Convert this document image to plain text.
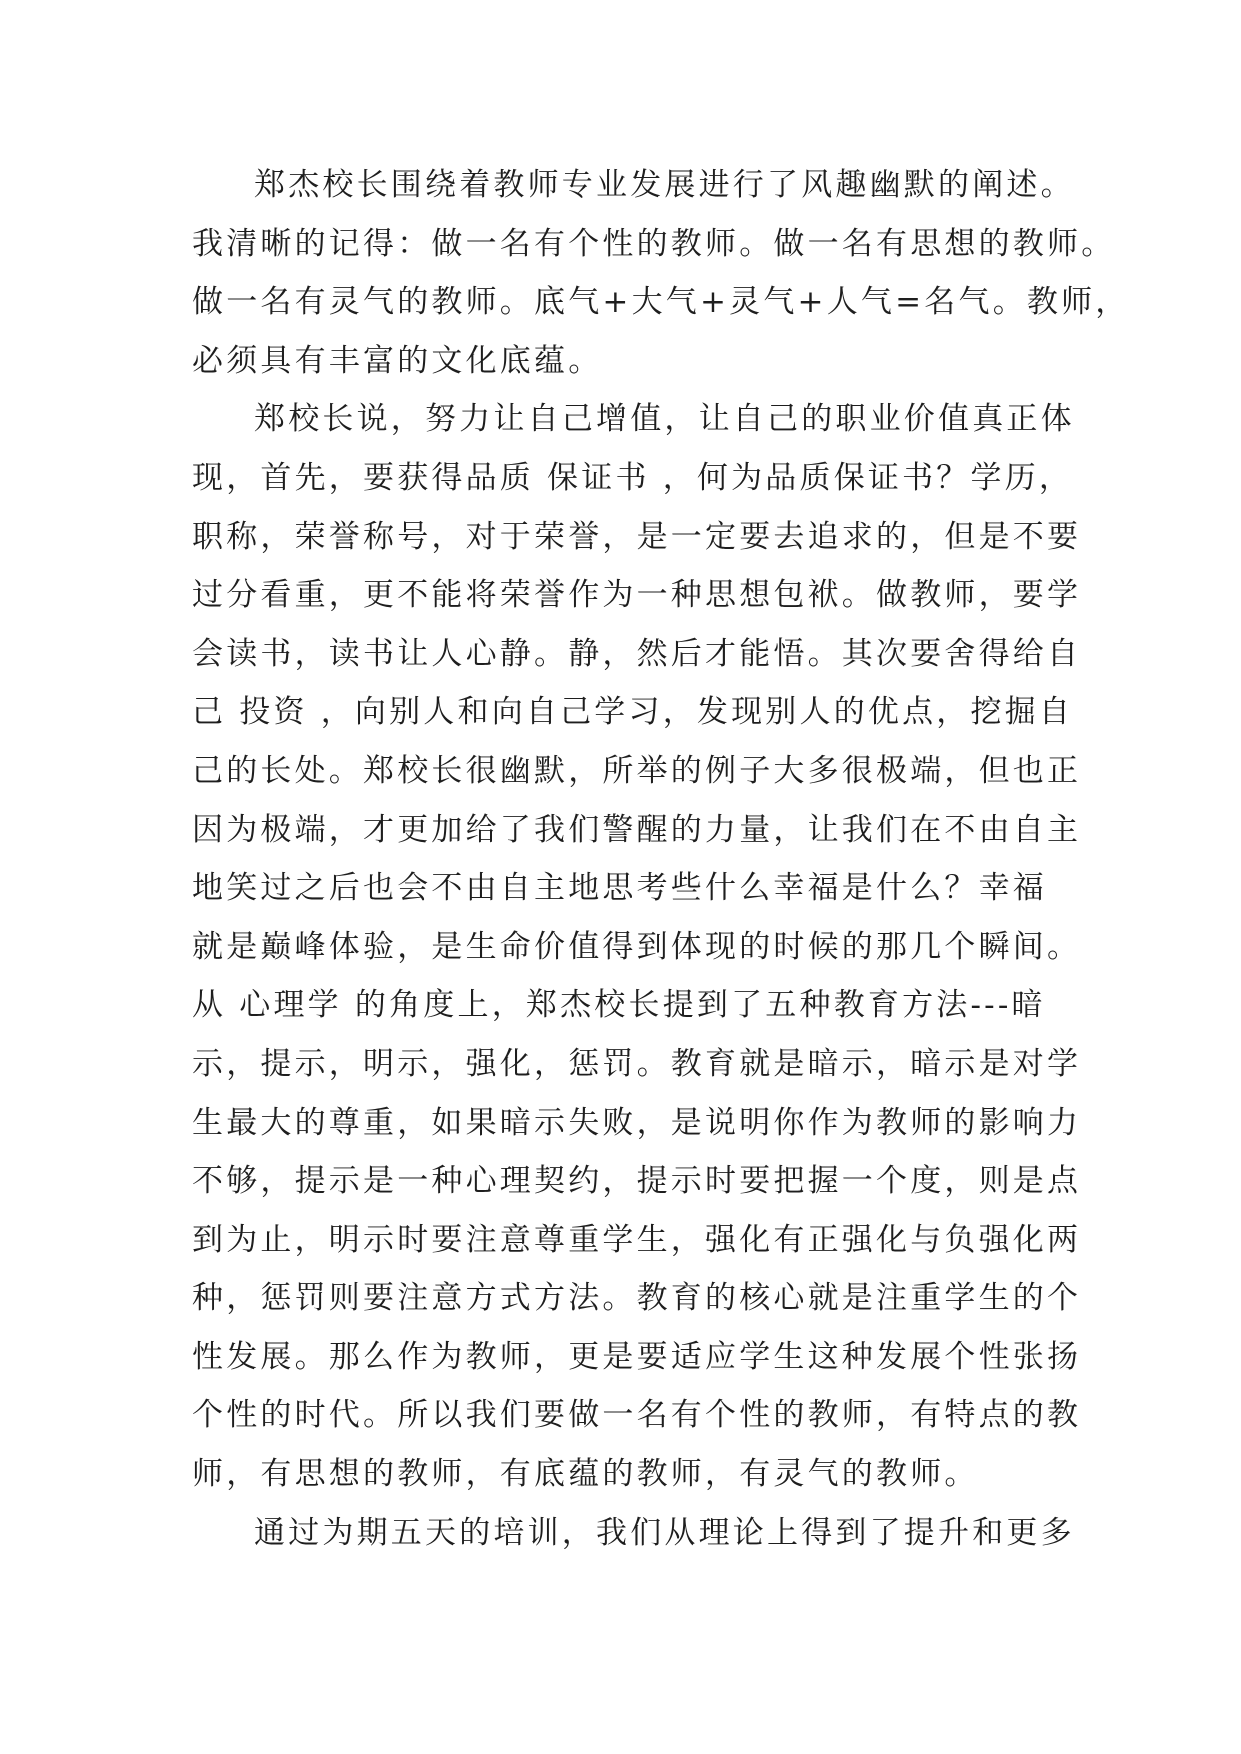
郑杰校长围绕着教师专业发展进行了风趣幽默的阐述。
我清晰的记得：做一名有个性的教师。做一名有思想的教师。
做一名有灵气的教师。底气+大气+灵气+人气=名气。教师，
必须具有丰富的文化底蕴。
郑校长说，努力让自己增值，让自己的职业价值真正体
现，首先，要获得品质 保证书 ，何为品质保证书？学历，
职称，荣誉称号，对于荣誉，是一定要去追求的，但是不要
过分看重，更不能将荣誉作为一种思想包袱。做教师，要学
会读书，读书让人心静。静，然后才能悟。其次要舍得给自
己 投资 ，向别人和向自己学习，发现别人的优点，挖掘自
己的长处。郑校长很幽默，所举的例子大多很极端，但也正
因为极端，才更加给了我们警醒的力量，让我们在不由自主
地笑过之后也会不由自主地思考些什么幸福是什么？幸福
就是巅峰体验，是生命价值得到体现的时候的那几个瞬间。
从 心理学 的角度上，郑杰校长提到了五种教育方法---暗
示，提示，明示，强化，惩罚。教育就是暗示，暗示是对学
生最大的尊重，如果暗示失败，是说明你作为教师的影响力
不够，提示是一种心理契约，提示时要把握一个度，则是点
到为止，明示时要注意尊重学生，强化有正强化与负强化两
种，惩罚则要注意方式方法。教育的核心就是注重学生的个
性发展。那么作为教师，更是要适应学生这种发展个性张扬
个性的时代。所以我们要做一名有个性的教师，有特点的教
师，有思想的教师，有底蕴的教师，有灵气的教师。
通过为期五天的培训，我们从理论上得到了提升和更多
